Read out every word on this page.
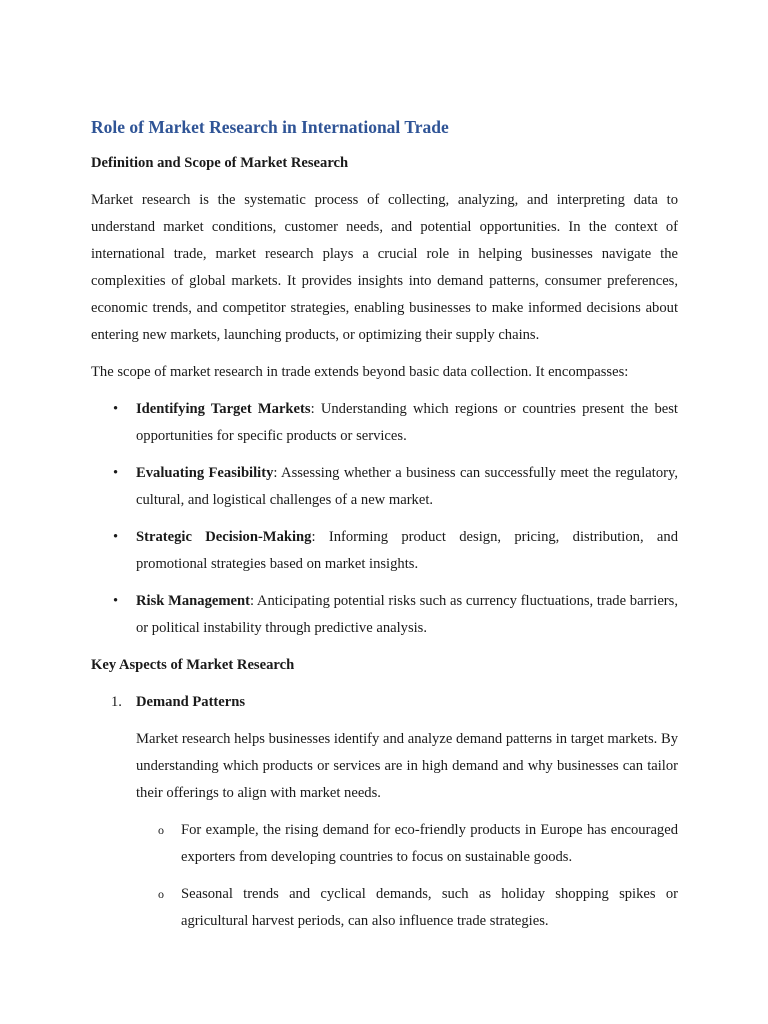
Role of Market Research in International Trade
Definition and Scope of Market Research

Market research is the systematic process of collecting, analyzing, and interpreting data to understand market conditions, customer needs, and potential opportunities. In the context of international trade, market research plays a crucial role in helping businesses navigate the complexities of global markets. It provides insights into demand patterns, consumer preferences, economic trends, and competitor strategies, enabling businesses to make informed decisions about entering new markets, launching products, or optimizing their supply chains.

The scope of market research in trade extends beyond basic data collection. It encompasses:

• Identifying Target Markets: Understanding which regions or countries present the best opportunities for specific products or services.
• Evaluating Feasibility: Assessing whether a business can successfully meet the regulatory, cultural, and logistical challenges of a new market.
• Strategic Decision-Making: Informing product design, pricing, distribution, and promotional strategies based on market insights.
• Risk Management: Anticipating potential risks such as currency fluctuations, trade barriers, or political instability through predictive analysis.
Key Aspects of Market Research
1. Demand Patterns

Market research helps businesses identify and analyze demand patterns in target markets. By understanding which products or services are in high demand and why businesses can tailor their offerings to align with market needs.

o For example, the rising demand for eco-friendly products in Europe has encouraged exporters from developing countries to focus on sustainable goods.
o Seasonal trends and cyclical demands, such as holiday shopping spikes or agricultural harvest periods, can also influence trade strategies.
